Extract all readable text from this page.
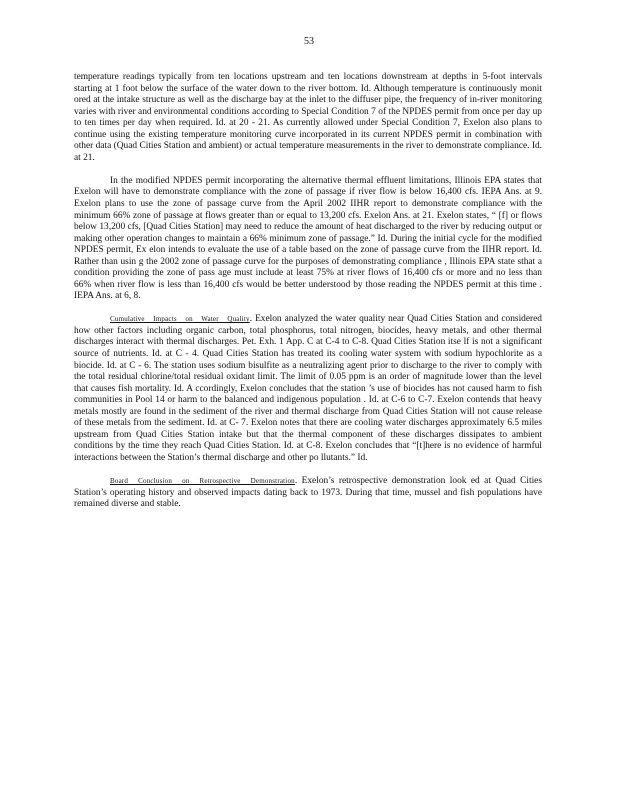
53

temperature readings typically from ten locations upstream and ten locations downstream at depths in 5-foot intervals starting at 1 foot below the surface of the water down to the river bottom. Id. Although temperature is continuously monit ored at the intake structure as well as the discharge bay at the inlet to the diffuser pipe, the frequency of in-river monitoring varies with river and environmental conditions according to Special Condition 7 of the NPDES permit from once per day up to ten times per day when required. Id. at 20 - 21. As currently allowed under Special Condition 7, Exelon also plans to continue using the existing temperature monitoring curve incorporated in its current NPDES permit in combination with other data (Quad Cities Station and ambient) or actual temperature measurements in the river to demonstrate compliance. Id. at 21.

In the modified NPDES permit incorporating the alternative thermal effluent limitations, Illinois EPA states that Exelon will have to demonstrate compliance with the zone of passage if river flow is below 16,400 cfs. IEPA Ans. at 9. Exelon plans to use the zone of passage curve from the April 2002 IIHR report to demonstrate compliance with the minimum 66% zone of passage at flows greater than or equal to 13,200 cfs. Exelon Ans. at 21. Exelon states, “ [f] or flows below 13,200 cfs, [Quad Cities Station] may need to reduce the amount of heat discharged to the river by reducing output or making other operation changes to maintain a 66% minimum zone of passage.” Id. During the initial cycle for the modified NPDES permit, Ex elon intends to evaluate the use of a table based on the zone of passage curve from the IIHR report. Id. Rather than usin g the 2002 zone of passage curve for the purposes of demonstrating compliance , Illinois EPA state sthat a condition providing the zone of pass age must include at least 75% at river flows of 16,400 cfs or more and no less than 66% when river flow is less than 16,400 cfs would be better understood by those reading the NPDES permit at this time . IEPA Ans. at 6, 8.

Cumulative Impacts on Water Quality. Exelon analyzed the water quality near Quad Cities Station and considered how other factors including organic carbon, total phosphorus, total nitrogen, biocides, heavy metals, and other thermal discharges interact with thermal discharges. Pet. Exh. 1 App. C at C-4 to C-8. Quad Cities Station itse lf is not a significant source of nutrients. Id. at C - 4. Quad Cities Station has treated its cooling water system with sodium hypochlorite as a biocide. Id. at C - 6. The station uses sodium bisulfite as a neutralizing agent prior to discharge to the river to comply with the total residual chlorine/total residual oxidant limit. The limit of 0.05 ppm is an order of magnitude lower than the level that causes fish mortality. Id. A ccordingly, Exelon concludes that the station ’s use of biocides has not caused harm to fish communities in Pool 14 or harm to the balanced and indigenous population . Id. at C-6 to C-7. Exelon contends that heavy metals mostly are found in the sediment of the river and thermal discharge from Quad Cities Station will not cause release of these metals from the sediment. Id. at C- 7. Exelon notes that there are cooling water discharges approximately 6.5 miles upstream from Quad Cities Station intake but that the thermal component of these discharges dissipates to ambient conditions by the time they reach Quad Cities Station. Id. at C-8. Exelon concludes that “[t]here is no evidence of harmful interactions between the Station’s thermal discharge and other po llutants.” Id.

Board Conclusion on Retrospective Demonstration. Exelon’s retrospective demonstration look ed at Quad Cities Station’s operating history and observed impacts dating back to 1973. During that time, mussel and fish populations have remained diverse and stable.
